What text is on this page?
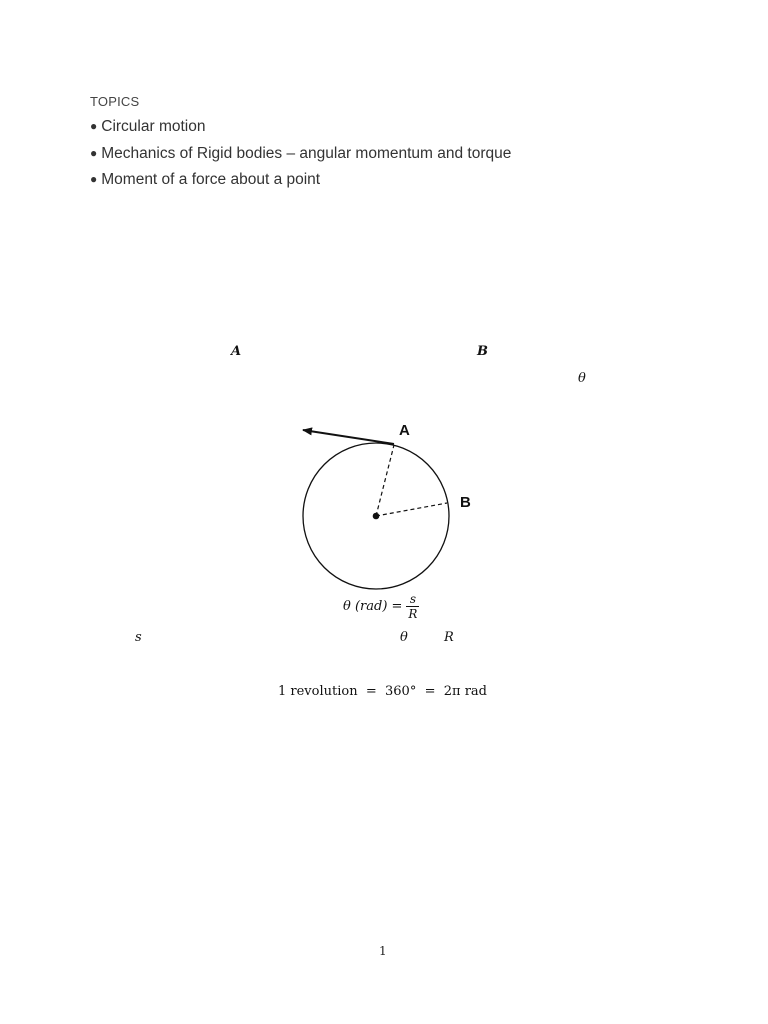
TOPICS
● Circular motion
● Mechanics of Rigid bodies – angular momentum and torque
● Moment of a force about a point
A	B
θ
A
B
θ $(rad) = \frac{s}{R}$
s	θ	R
1 revolution  =  360°  =  2π rad
1
